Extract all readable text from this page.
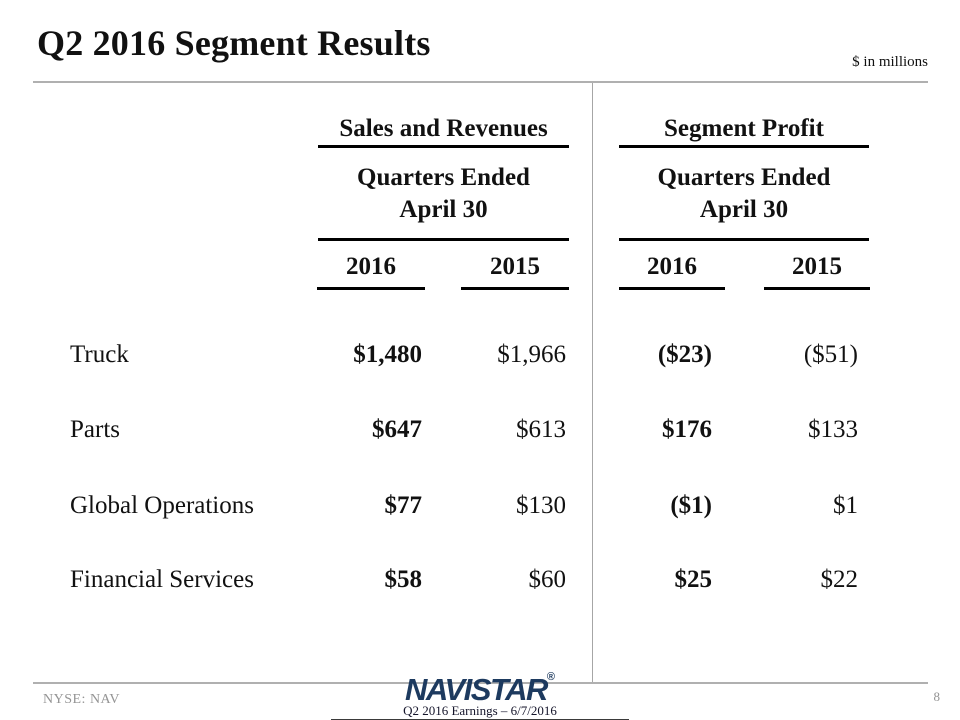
Q2 2016 Segment Results	$ in millions
Sales and Revenues
Quarters Ended
April 30
Segment Profit
Quarters Ended
April 30
2016	2015	2016	2015
Truck	$1,480	$1,966	($23)	($51)
Parts	$647	$613	$176	$133
Global Operations	$77	$130	($1)	$1
Financial Services	$58	$60	$25	$22
NYSE: NAV	NAVISTAR®
Q2 2016 Earnings – 6/7/2016
8
